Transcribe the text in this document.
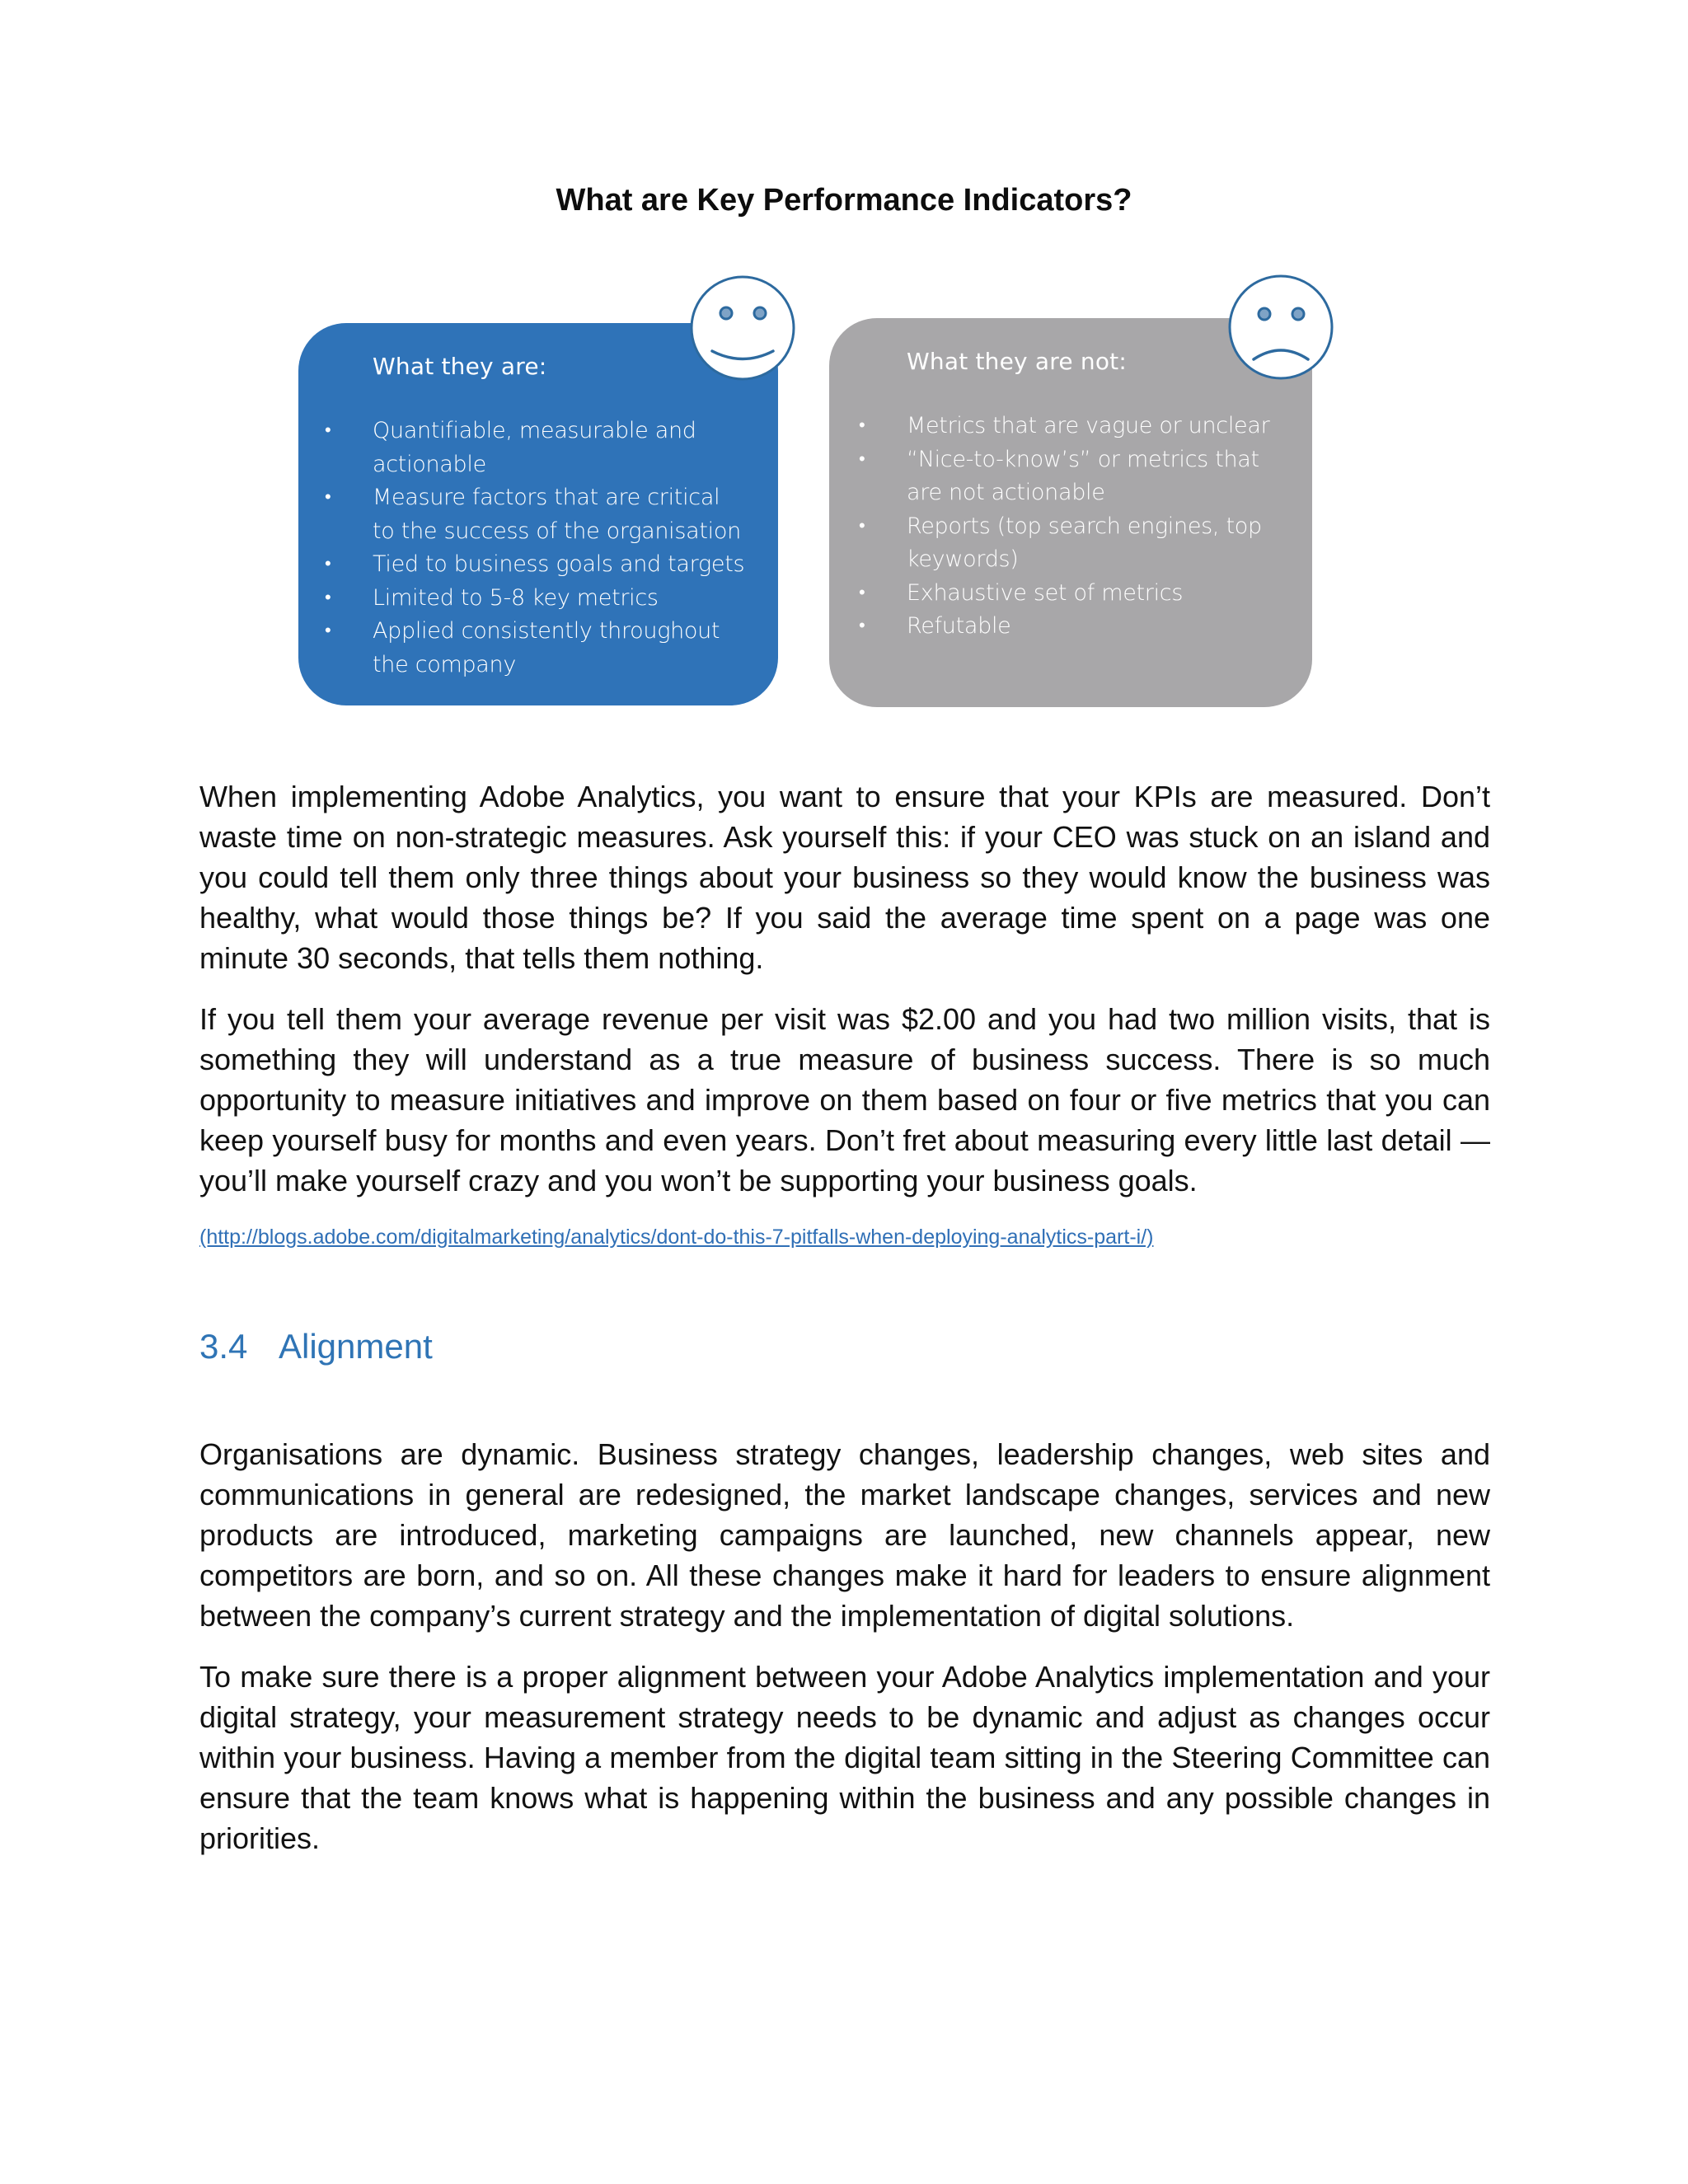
What are Key Performance Indicators?
What they are:
• Quantifiable, measurable and actionable
• Measure factors that are critical to the success of the organisation
• Tied to business goals and targets
• Limited to 5-8 key metrics
• Applied consistently throughout the company
What they are not:
• Metrics that are vague or unclear
• “Nice-to-know’s” or metrics that are not actionable
• Reports (top search engines, top keywords)
• Exhaustive set of metrics
• Refutable

When implementing Adobe Analytics, you want to ensure that your KPIs are measured. Don’t waste time on non-strategic measures. Ask yourself this: if your CEO was stuck on an island and you could tell them only three things about your business so they would know the business was healthy, what would those things be? If you said the average time spent on a page was one minute 30 seconds, that tells them nothing.

If you tell them your average revenue per visit was $2.00 and you had two million visits, that is something they will understand as a true measure of business success. There is so much opportunity to measure initiatives and improve on them based on four or five metrics that you can keep yourself busy for months and even years. Don’t fret about measuring every little last detail — you’ll make yourself crazy and you won’t be supporting your business goals.

(http://blogs.adobe.com/digitalmarketing/analytics/dont-do-this-7-pitfalls-when-deploying-analytics-part-i/)

3.4 Alignment

Organisations are dynamic. Business strategy changes, leadership changes, web sites and communications in general are redesigned, the market landscape changes, services and new products are introduced, marketing campaigns are launched, new channels appear, new competitors are born, and so on. All these changes make it hard for leaders to ensure alignment between the company’s current strategy and the implementation of digital solutions.

To make sure there is a proper alignment between your Adobe Analytics implementation and your digital strategy, your measurement strategy needs to be dynamic and adjust as changes occur within your business. Having a member from the digital team sitting in the Steering Committee can ensure that the team knows what is happening within the business and any possible changes in priorities.
